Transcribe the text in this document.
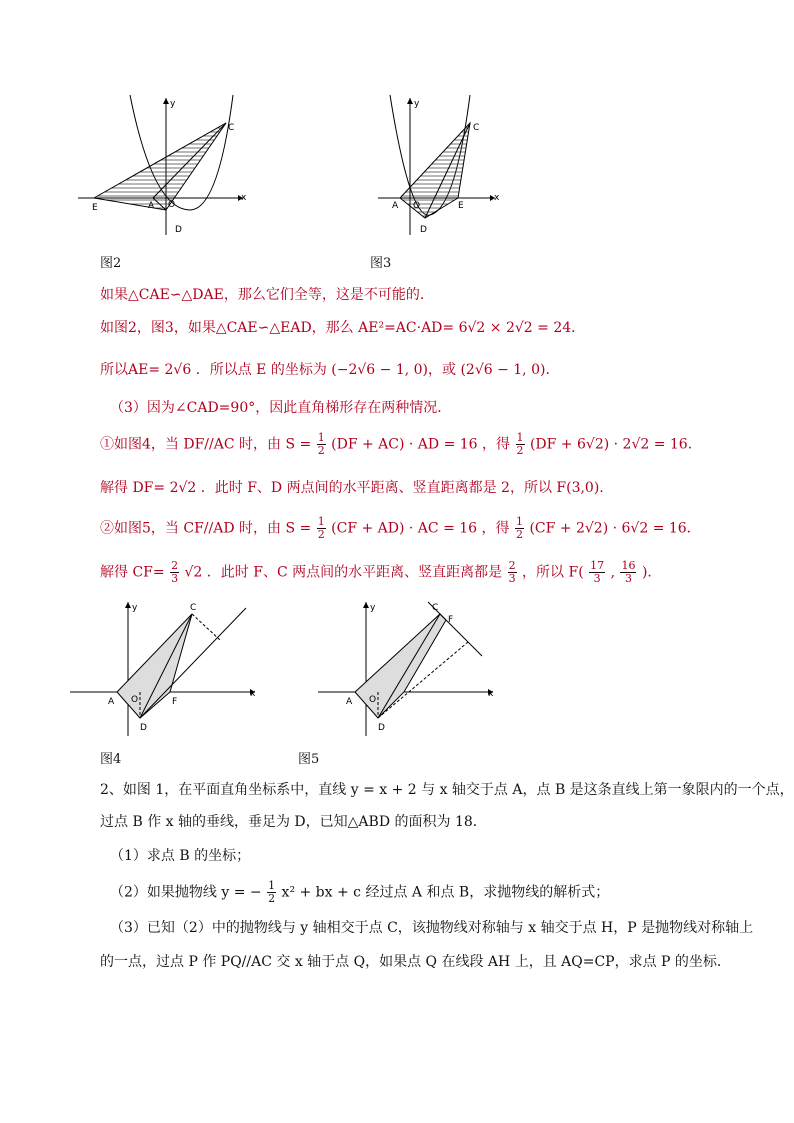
y
x
C
E	A O
D
图2
y
x
C
A O	E
D
图3
如果△CAE∽△DAE，那么它们全等，这是不可能的．
如图2，图3，如果△CAE∽△EAD，那么 AE²=AC·AD= 6√2 × 2√2 = 24．
所以AE= 2√6 ．所以点 E 的坐标为 (−2√6 − 1, 0)，或 (2√6 − 1, 0)．
（3）因为∠CAD=90°，因此直角梯形存在两种情况．
①如图4，当 DF//AC 时，由 $S = \frac{1}{2} (DF + AC)$ · AD = 16 ，得 $\frac{1}{2} (DF + 6√2) \cdot 2√2 = 16$．
解得 DF= 2√2 ．此时 F、D 两点间的水平距离、竖直距离都是 2，所以 F(3,0).
②如图5，当 CF//AD 时，由 $S = \frac{1}{2} (CF + AD)$ · AC = 16 ，得 $\frac{1}{2} (CF + 2√2) \cdot 6√2 = 16$．
解得 $CF= \frac{2}{3} √2$ ．此时 F、C 两点间的水平距离、竖直距离都是 $\frac{2}{3}$ ，所以 $F( \frac{17}{3}$ , $\frac{16}{3}$ )．
y
x
C
A O	F
D
图4
y
x
C
F
A O
D
图5
2、如图 1，在平面直角坐标系中，直线 y = x + 2 与 x 轴交于点 A，点 B 是这条直线上第一象限内的一个点，
过点 B 作 x 轴的垂线，垂足为 D，已知△ABD 的面积为 18．
（1）求点 B 的坐标；
（2）如果抛物线 y = − $\frac{1}{2} x^2$ + bx + c 经过点 A 和点 B，求抛物线的解析式；
（3）已知（2）中的抛物线与 y 轴相交于点 C，该抛物线对称轴与 x 轴交于点 H，P 是抛物线对称轴上
的一点，过点 P 作 PQ//AC 交 x 轴于点 Q，如果点 Q 在线段 AH 上，且 AQ=CP，求点 P 的坐标．
